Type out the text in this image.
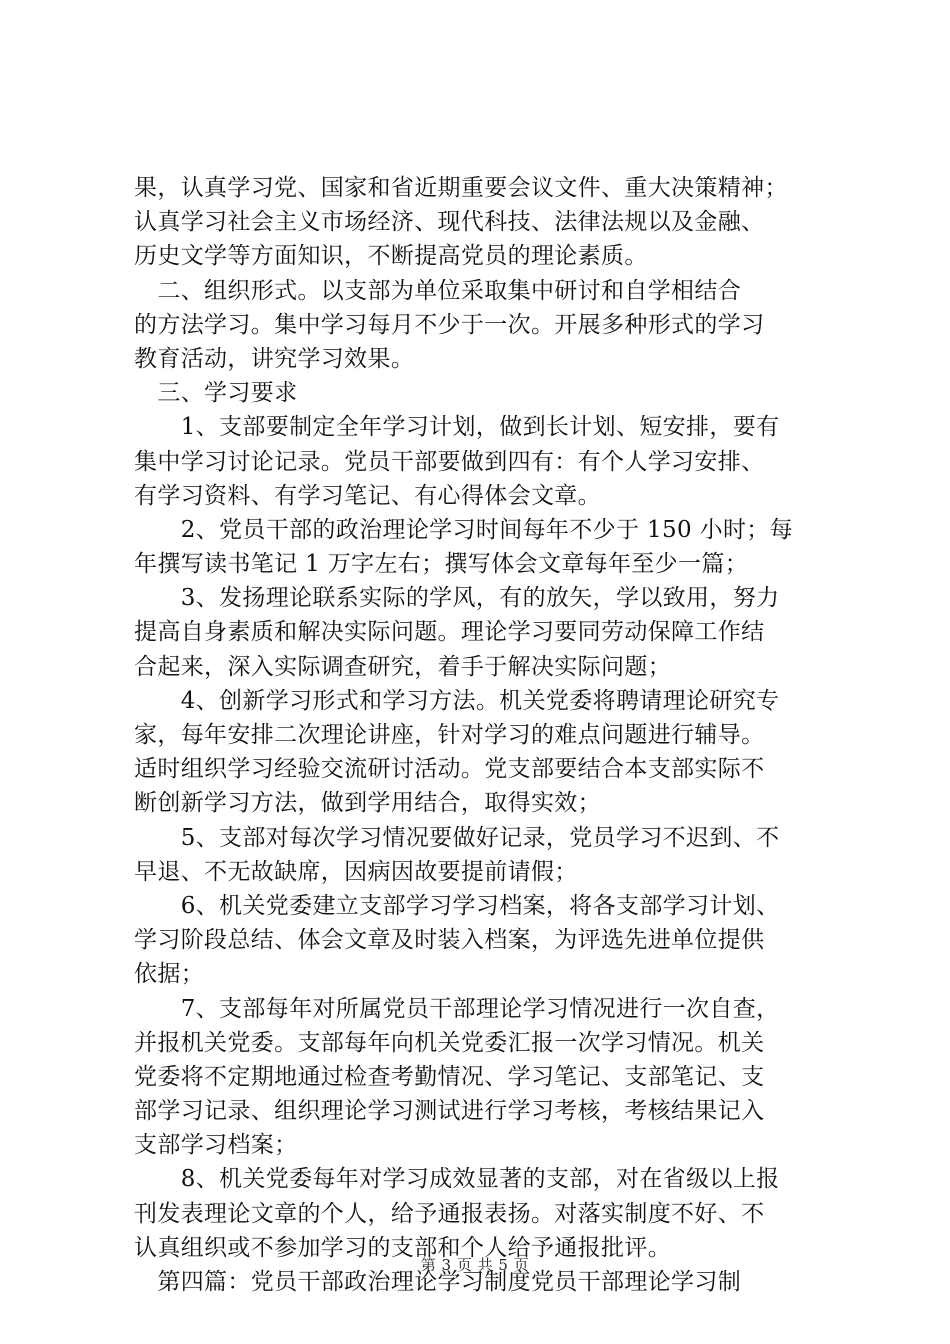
果，认真学习党、国家和省近期重要会议文件、重大决策精神；
认真学习社会主义市场经济、现代科技、法律法规以及金融、
历史文学等方面知识，不断提高党员的理论素质。
　二、组织形式。以支部为单位采取集中研讨和自学相结合
的方法学习。集中学习每月不少于一次。开展多种形式的学习
教育活动，讲究学习效果。
　三、学习要求
　　1、支部要制定全年学习计划，做到长计划、短安排，要有
集中学习讨论记录。党员干部要做到四有：有个人学习安排、
有学习资料、有学习笔记、有心得体会文章。
　　2、党员干部的政治理论学习时间每年不少于 150 小时；每
年撰写读书笔记 1 万字左右；撰写体会文章每年至少一篇；
　　3、发扬理论联系实际的学风，有的放矢，学以致用，努力
提高自身素质和解决实际问题。理论学习要同劳动保障工作结
合起来，深入实际调查研究，着手于解决实际问题；
　　4、创新学习形式和学习方法。机关党委将聘请理论研究专
家，每年安排二次理论讲座，针对学习的难点问题进行辅导。
适时组织学习经验交流研讨活动。党支部要结合本支部实际不
断创新学习方法，做到学用结合，取得实效；
　　5、支部对每次学习情况要做好记录，党员学习不迟到、不
早退、不无故缺席，因病因故要提前请假；
　　6、机关党委建立支部学习学习档案，将各支部学习计划、
学习阶段总结、体会文章及时装入档案，为评选先进单位提供
依据；
　　7、支部每年对所属党员干部理论学习情况进行一次自查，
并报机关党委。支部每年向机关党委汇报一次学习情况。机关
党委将不定期地通过检查考勤情况、学习笔记、支部笔记、支
部学习记录、组织理论学习测试进行学习考核，考核结果记入
支部学习档案；
　　8、机关党委每年对学习成效显著的支部，对在省级以上报
刊发表理论文章的个人，给予通报表扬。对落实制度不好、不
认真组织或不参加学习的支部和个人给予通报批评。
　第四篇：党员干部政治理论学习制度党员干部理论学习制
第 3 页 共 5 页
